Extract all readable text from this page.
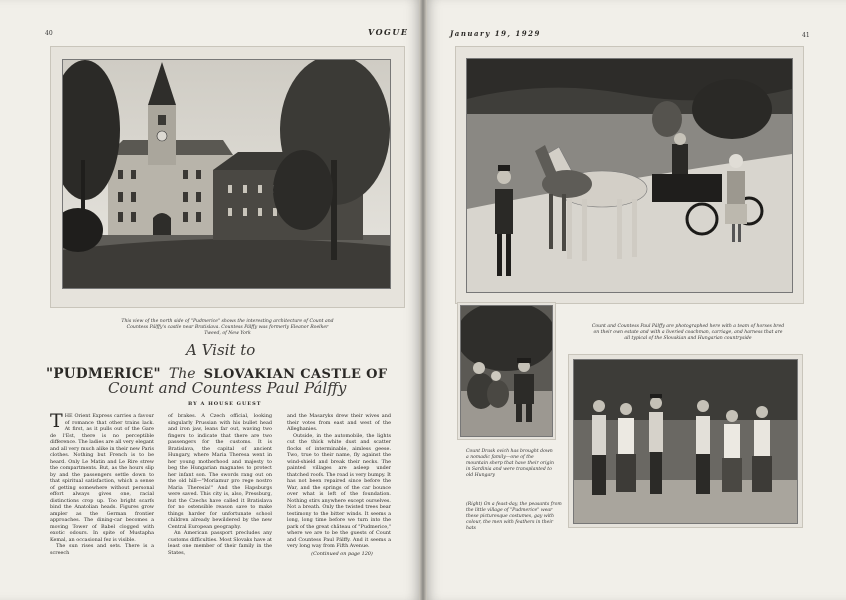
40	VOGUE	January 19, 1929	41
This view of the north side of "Pudmerice" shows the interesting architecture of Count and Countess Pálffy's castle near Bratislava. Countess Pálffy was formerly Eleanor Roelker Tweed, of New York
A Visit to
"PUDMERICE" The SLOVAKIAN CASTLE OF
Count and Countess Paul Pálffy
BY A HOUSE GUEST

THE Orient Express carries a favour of romance that other trains lack. At first, as it pulls out of the Gare de l'Est, there is no perceptible difference. The ladies are all very elegant and all very much alike in their new Paris clothes. Nothing but French is to be heard. Only Le Matin and Le Rire strew the compartments. But, as the hours slip by and the passengers settle down to that spiritual satisfaction, which a sense of getting somewhere without personal effort always gives one, racial distinctions crop up. Too bright scarfs bind the Anatolian heads. Figures grow ampler as the German frontier approaches. The dining-car becomes a moving Tower of Babel clogged with exotic odours. In spite of Mustapha Kemal, an occasional fez is visible.

The sun rises and sets. There is a screech

of brakes. A Czech official, looking singularly Prussian with his bullet head and iron jaw, leans far out, waving two fingers to indicate that there are two passengers for the customs. It is Bratislava, the capital of ancient Hungary, where Maria Theresa went in her young motherhood and majesty to beg the Hungarian magnates to protect her infant son. The swords rang out on the old hill—"Moriamur pro rege nostro Maria Theresia!" And the Hapsburgs were saved. This city is, also, Pressburg, but the Czechs have called it Bratislava for no ostensible reason save to make things harder for unfortunate school children already bewildered by the new Central European geography.

An American passport precludes any customs difficulties. Most Slovaks have at least one member of their family in the States,

and the Masaryks drew their wives and their votes from east and west of the Alleghanies.

Outside, in the automobile, the lights cut the thick white dust and scatter flocks of interminable, aimless geese. Two, true to their name, fly against the wind-shield and break their necks. The painted villages are asleep under thatched roofs. The road is very bumpy. It has not been repaired since before the War, and the springs of the car bounce over what is left of the foundation. Nothing stirs anywhere except ourselves. Not a breath. Only the twisted trees bear testimony to the bitter winds. It seems a long, long time before we turn into the park of the great château of "Pudmerice," where we are to be the guests of Count and Countess Paul Pálffy. And it seems a very long way from Fifth Avenue.

(Continued on page 120)

Count Drask ovich has brought down a nomadic family—one of the mountain sherp that have their origin in Sardinia and were transplanted to old Hungary
Count and Countess Paul Pálffy are photographed here with a team of horses bred on their own estate and with a liveried coachman, carriage, and harness that are all typical of the Slovakian and Hungarian countryside
(Right) On a feast-day, the peasants from the little village of "Pudmerice" wear these picturesque costumes, gay with colour, the men with feathers in their hats
